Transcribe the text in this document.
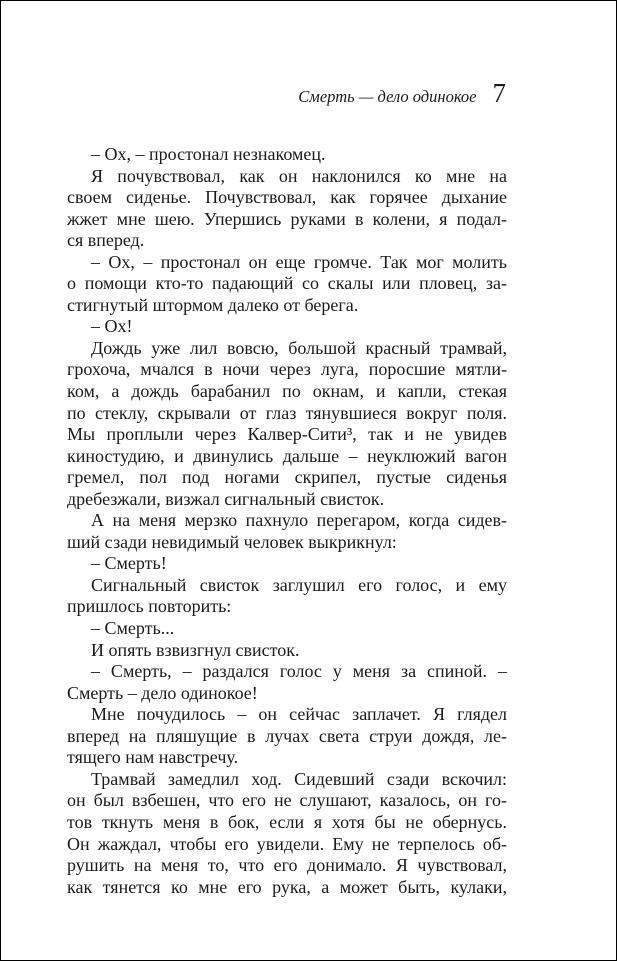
Смерть — дело одинокое 7
– Ох, – простонал незнакомец.
Я почувствовал, как он наклонился ко мне на
своем сиденье. Почувствовал, как горячее дыхание
жжет мне шею. Упершись руками в колени, я подал-
ся вперед.
– Ох, – простонал он еще громче. Так мог молить
о помощи кто-то падающий со скалы или пловец, за-
стигнутый штормом далеко от берега.
– Ох!
Дождь уже лил вовсю, большой красный трамвай,
грохоча, мчался в ночи через луга, поросшие мятли-
ком, а дождь барабанил по окнам, и капли, стекая
по стеклу, скрывали от глаз тянувшиеся вокруг поля.
Мы проплыли через Калвер-Сити³, так и не увидев
киностудию, и двинулись дальше – неуклюжий вагон
гремел, пол под ногами скрипел, пустые сиденья
дребезжали, визжал сигнальный свисток.
А на меня мерзко пахнуло перегаром, когда сидев-
ший сзади невидимый человек выкрикнул:
– Смерть!
Сигнальный свисток заглушил его голос, и ему
пришлось повторить:
– Смерть...
И опять взвизгнул свисток.
– Смерть, – раздался голос у меня за спиной. –
Смерть – дело одинокое!
Мне почудилось – он сейчас заплачет. Я глядел
вперед на пляшущие в лучах света струи дождя, ле-
тящего нам навстречу.
Трамвай замедлил ход. Сидевший сзади вскочил:
он был взбешен, что его не слушают, казалось, он го-
тов ткнуть меня в бок, если я хотя бы не обернусь.
Он жаждал, чтобы его увидели. Ему не терпелось об-
рушить на меня то, что его донимало. Я чувствовал,
как тянется ко мне его рука, а может быть, кулаки,
